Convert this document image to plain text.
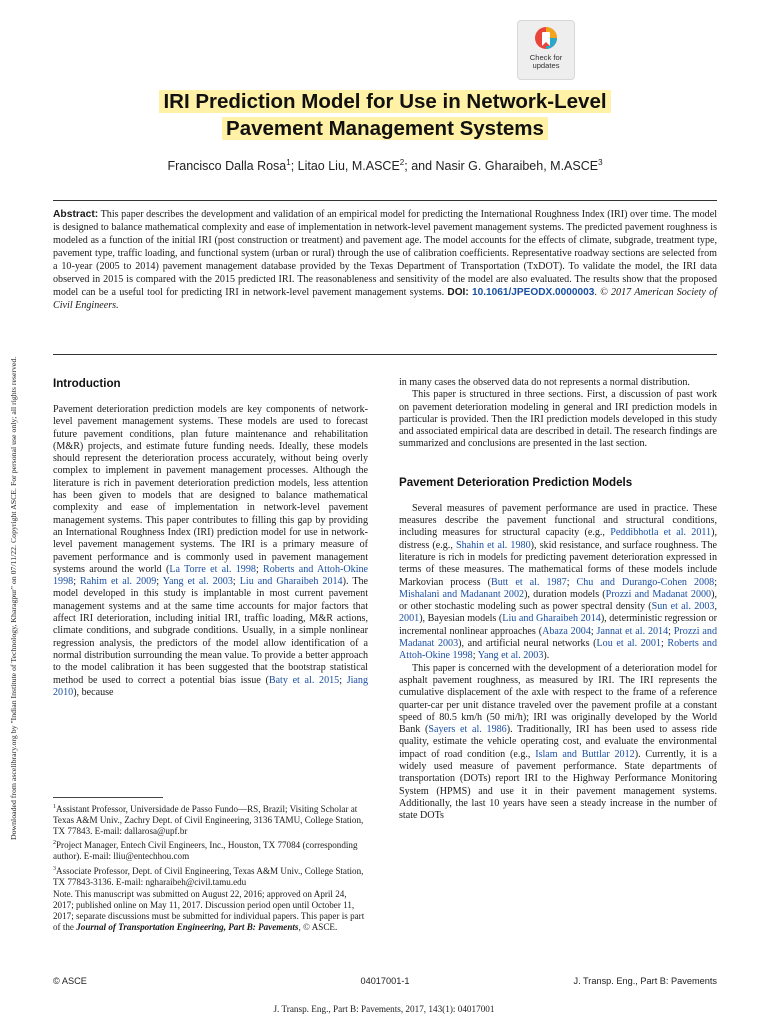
Downloaded from ascelibrary.org by "Indian Institute of Technology, Kharagpur" on 07/11/22. Copyright ASCE. For personal use only; all rights reserved.
Check for
updates
IRI Prediction Model for Use in Network-Level
Pavement Management Systems
Francisco Dalla Rosa$^1$; Litao Liu, M.ASCE$^2$; and Nasir G. Gharaibeh, M.ASCE$^3$
Abstract: This paper describes the development and validation of an empirical model for predicting the International Roughness Index (IRI) over time. The model is designed to balance mathematical complexity and ease of implementation in network-level pavement management systems. The predicted pavement roughness is modeled as a function of the initial IRI (post construction or treatment) and pavement age. The model accounts for the effects of climate, subgrade, treatment type, pavement type, traffic loading, and functional system (urban or rural) through the use of calibration coefficients. Representative roadway sections are selected from a 10-year (2005 to 2014) pavement management database provided by the Texas Department of Transportation (TxDOT). To validate the model, the IRI data observed in 2015 is compared with the 2015 predicted IRI. The reasonableness and sensitivity of the model are also evaluated. The results show that the proposed model can be a useful tool for predicting IRI in network-level pavement management systems. DOI: 10.1061/JPEODX.0000003. © 2017 American Society of Civil Engineers.
Introduction

Pavement deterioration prediction models are key components of network-level pavement management systems. These models are used to forecast future pavement conditions, plan future maintenance and rehabilitation (M&R) projects, and estimate future funding needs. Ideally, these models should represent the deterioration process accurately, without being overly complex to implement in pavement management processes. Although the literature is rich in pavement deterioration prediction models, less attention has been given to models that are designed to balance mathematical complexity and ease of implementation in network-level pavement management systems. This paper contributes to filling this gap by providing an International Roughness Index (IRI) prediction model for use in network-level pavement management systems. The IRI is a primary measure of pavement performance and is commonly used in pavement management systems around the world (La Torre et al. 1998; Roberts and Attoh-Okine 1998; Rahim et al. 2009; Yang et al. 2003; Liu and Gharaibeh 2014). The model developed in this study is implantable in most current pavement management systems and at the same time accounts for major factors that affect IRI deterioration, including initial IRI, traffic loading, M&R actions, climate conditions, and subgrade conditions. Usually, in a simple nonlinear regression analysis, the predictors of the model allow identification of a normal distribution surrounding the mean value. To provide a better approach to the model calibration it has been suggested that the bootstrap statistical method be used to correct a potential bias issue (Baty et al. 2015; Jiang 2010), because

$^1$Assistant Professor, Universidade de Passo Fundo—RS, Brazil; Visiting Scholar at Texas A&M Univ., Zachry Dept. of Civil Engineering, 3136 TAMU, College Station, TX 77843. E-mail: dallarosa@upf.br

$^2$Project Manager, Entech Civil Engineers, Inc., Houston, TX 77084 (corresponding author). E-mail: lliu@entechhou.com

$^3$Associate Professor, Dept. of Civil Engineering, Texas A&M Univ., College Station, TX 77843-3136. E-mail: ngharaibeh@civil.tamu.edu

Note. This manuscript was submitted on August 22, 2016; approved on April 24, 2017; published online on May 11, 2017. Discussion period open until October 11, 2017; separate discussions must be submitted for individual papers. This paper is part of the Journal of Transportation Engineering, Part B: Pavements, © ASCE.

in many cases the observed data do not represents a normal distribution.

This paper is structured in three sections. First, a discussion of past work on pavement deterioration modeling in general and IRI prediction models in particular is provided. Then the IRI prediction models developed in this study and associated empirical data are described in detail. The research findings are summarized and conclusions are presented in the last section.

Pavement Deterioration Prediction Models

Several measures of pavement performance are used in practice. These measures describe the pavement functional and structural conditions, including measures for structural capacity (e.g., Peddibhotla et al. 2011), distress (e.g., Shahin et al. 1980), skid resistance, and surface roughness. The literature is rich in models for predicting pavement deterioration expressed in terms of these measures. The mathematical forms of these models include Markovian process (Butt et al. 1987; Chu and Durango-Cohen 2008; Mishalani and Madanant 2002), duration models (Prozzi and Madanat 2000), or other stochastic modeling such as power spectral density (Sun et al. 2003, 2001), Bayesian models (Liu and Gharaibeh 2014), deterministic regression or incremental nonlinear approaches (Abaza 2004; Jannat et al. 2014; Prozzi and Madanat 2003), and artificial neural networks (Lou et al. 2001; Roberts and Attoh-Okine 1998; Yang et al. 2003).

This paper is concerned with the development of a deterioration model for asphalt pavement roughness, as measured by IRI. The IRI represents the cumulative displacement of the axle with respect to the frame of a reference quarter-car per unit distance traveled over the pavement profile at a constant speed of 80.5 km/h (50 mi/h); IRI was originally developed by the World Bank (Sayers et al. 1986). Traditionally, IRI has been used to assess ride quality, estimate the vehicle operating cost, and evaluate the environmental impact of road condition (e.g., Islam and Buttlar 2012). Currently, it is a widely used measure of pavement performance. State departments of transportation (DOTs) report IRI to the Highway Performance Monitoring System (HPMS) and use it in their pavement management systems. Additionally, the last 10 years have seen a steady increase in the number of state DOTs

© ASCE	04017001-1	J. Transp. Eng., Part B: Pavements
J. Transp. Eng., Part B: Pavements, 2017, 143(1): 04017001
